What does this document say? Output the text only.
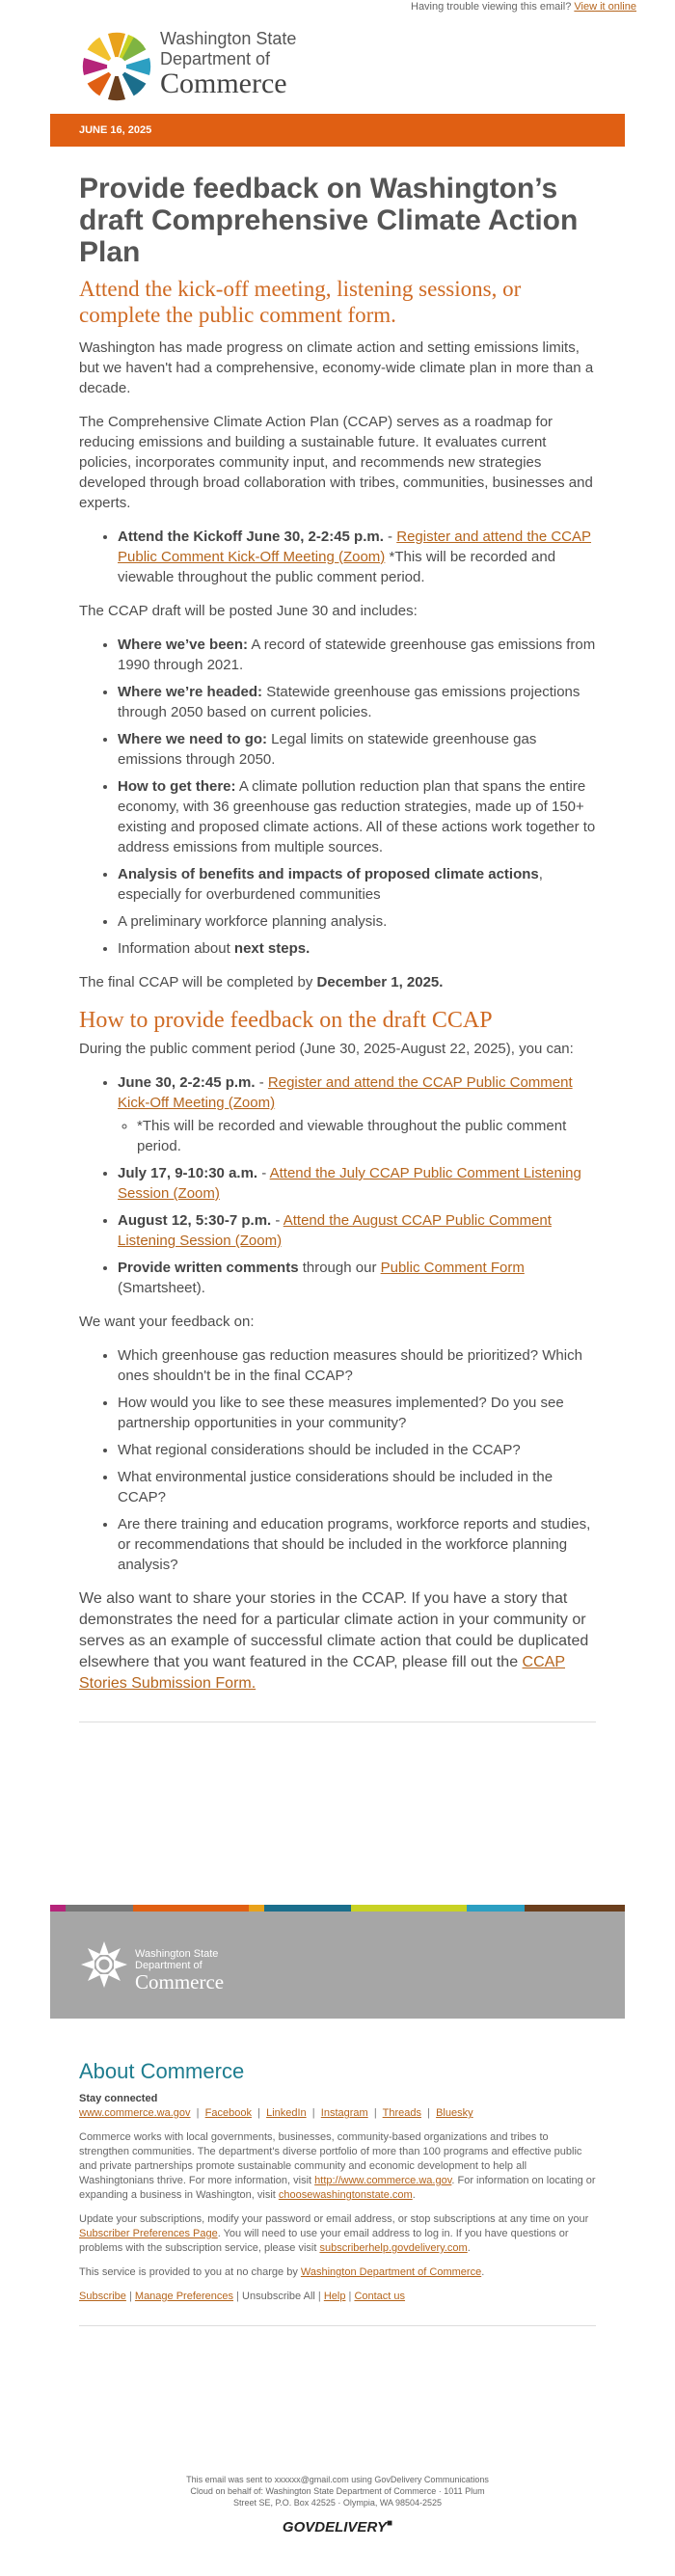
Having trouble viewing this email? View it online
Washington State
Department of
Commerce
JUNE 16, 2025
Provide feedback on Washington’s draft Comprehensive Climate Action Plan
Attend the kick-off meeting, listening sessions, or complete the public comment form.

Washington has made progress on climate action and setting emissions limits, but we haven't had a comprehensive, economy-wide climate plan in more than a decade.

The Comprehensive Climate Action Plan (CCAP) serves as a roadmap for reducing emissions and building a sustainable future. It evaluates current policies, incorporates community input, and recommends new strategies developed through broad collaboration with tribes, communities, businesses and experts.

• Attend the Kickoff June 30, 2-2:45 p.m. - Register and attend the CCAP Public Comment Kick-Off Meeting (Zoom) *This will be recorded and viewable throughout the public comment period.

The CCAP draft will be posted June 30 and includes:

• Where we’ve been: A record of statewide greenhouse gas emissions from 1990 through 2021.
• Where we’re headed: Statewide greenhouse gas emissions projections through 2050 based on current policies.
• Where we need to go: Legal limits on statewide greenhouse gas emissions through 2050.
• How to get there: A climate pollution reduction plan that spans the entire economy, with 36 greenhouse gas reduction strategies, made up of 150+ existing and proposed climate actions. All of these actions work together to address emissions from multiple sources.
• Analysis of benefits and impacts of proposed climate actions, especially for overburdened communities
• A preliminary workforce planning analysis.
• Information about next steps.

The final CCAP will be completed by December 1, 2025.

How to provide feedback on the draft CCAP

During the public comment period (June 30, 2025-August 22, 2025), you can:

• June 30, 2-2:45 p.m. - Register and attend the CCAP Public Comment Kick-Off Meeting (Zoom)
◦ *This will be recorded and viewable throughout the public comment period.
• July 17, 9-10:30 a.m. - Attend the July CCAP Public Comment Listening Session (Zoom)
• August 12, 5:30-7 p.m. - Attend the August CCAP Public Comment Listening Session (Zoom)
• Provide written comments through our Public Comment Form (Smartsheet).

We want your feedback on:

• Which greenhouse gas reduction measures should be prioritized? Which ones shouldn't be in the final CCAP?
• How would you like to see these measures implemented? Do you see partnership opportunities in your community?
• What regional considerations should be included in the CCAP?
• What environmental justice considerations should be included in the CCAP?
• Are there training and education programs, workforce reports and studies, or recommendations that should be included in the workforce planning analysis?

We also want to share your stories in the CCAP. If you have a story that demonstrates the need for a particular climate action in your community or serves as an example of successful climate action that could be duplicated elsewhere that you want featured in the CCAP, please fill out the CCAP Stories Submission Form.

Washington State
Department of
Commerce
About Commerce

Stay connected

www.commerce.wa.gov  |  Facebook  |  LinkedIn  |  Instagram  |  Threads  |  Bluesky

Commerce works with local governments, businesses, community-based organizations and tribes to strengthen communities. The department's diverse portfolio of more than 100 programs and effective public and private partnerships promote sustainable community and economic development to help all Washingtonians thrive. For more information, visit http://www.commerce.wa.gov. For information on locating or expanding a business in Washington, visit choosewashingtonstate.com.

Update your subscriptions, modify your password or email address, or stop subscriptions at any time on your Subscriber Preferences Page. You will need to use your email address to log in. If you have questions or problems with the subscription service, please visit subscriberhelp.govdelivery.com.

This service is provided to you at no charge by Washington Department of Commerce.

Subscribe | Manage Preferences | Unsubscribe All | Help | Contact us

This email was sent to xxxxxx@gmail.com using GovDelivery Communications Cloud on behalf of: Washington State Department of Commerce · 1011 Plum Street SE, P.O. Box 42525 · Olympia, WA 98504-2525
GOVDELIVERY■
